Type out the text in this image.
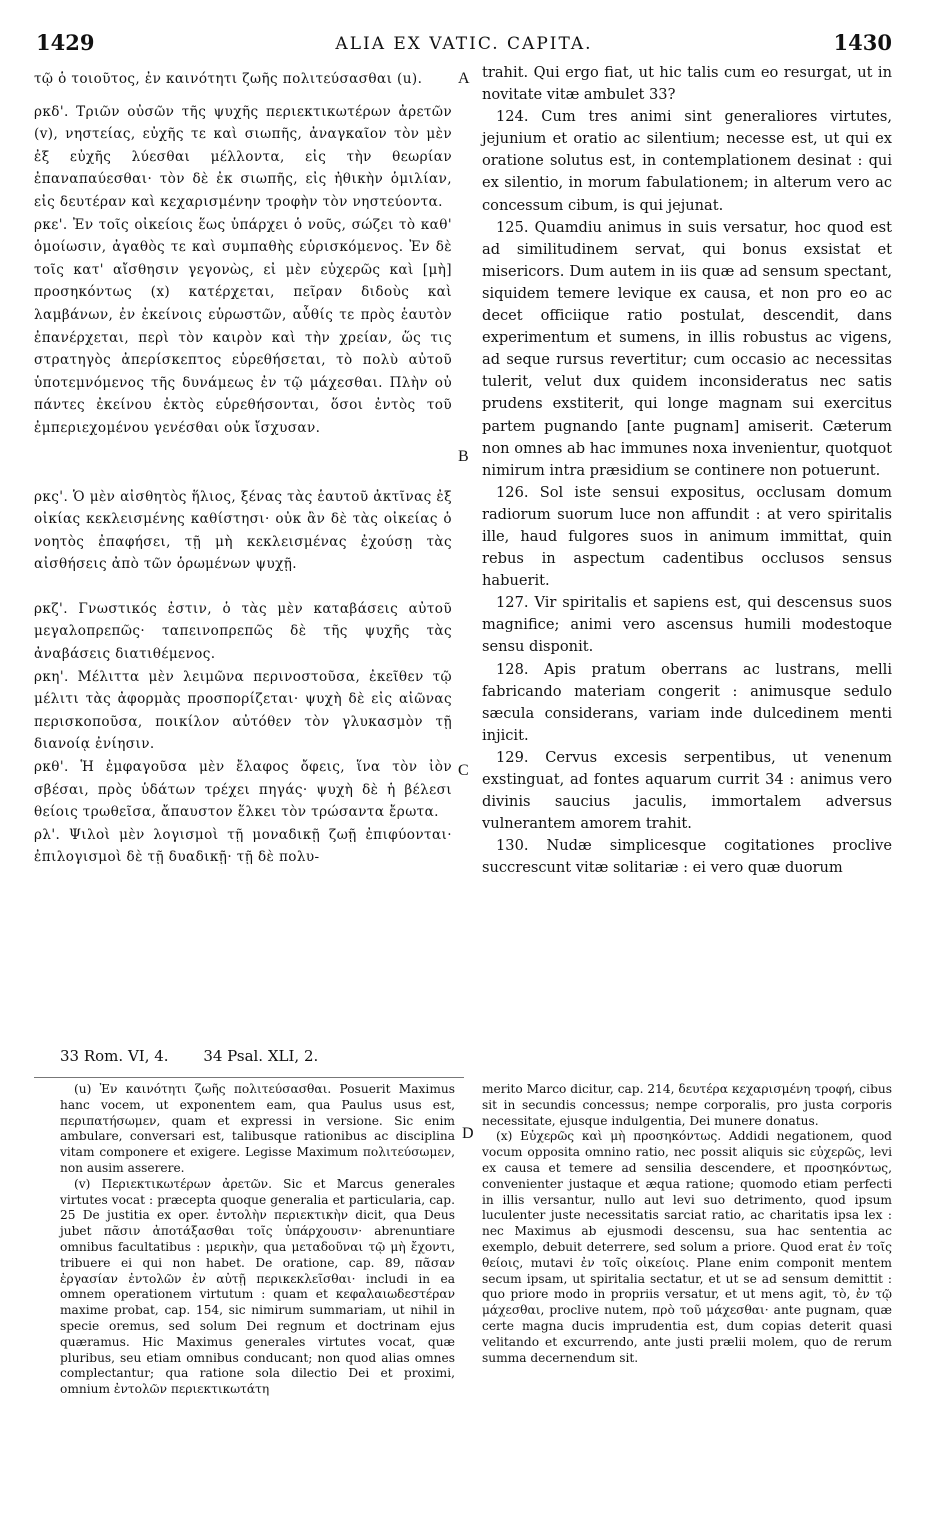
1429	ALIA EX VATIC. CAPITA.	1430

τῷ ὁ τοιοῦτος, ἐν καινότητι ζωῆς πολιτεύσασθαι (u).

ρκδ'. Τριῶν οὐσῶν τῆς ψυχῆς περιεκτικωτέρων ἀρετῶν (v), νηστείας, εὐχῆς τε καὶ σιωπῆς, ἀναγκαῖον τὸν μὲν ἐξ εὐχῆς λύεσθαι μέλλοντα, εἰς τὴν θεωρίαν ἐπαναπαύεσθαι· τὸν δὲ ἐκ σιωπῆς, εἰς ἠθικὴν ὁμιλίαν, εἰς δευτέραν καὶ κεχαρισμένην τροφὴν τὸν νηστεύοντα.

ρκε'. Ἐν τοῖς οἰκείοις ἕως ὑπάρχει ὁ νοῦς, σώζει τὸ καθ' ὁμοίωσιν, ἀγαθὸς τε καὶ συμπαθὴς εὑρισκόμενος. Ἐν δὲ τοῖς κατ' αἴσθησιν γεγονὼς, εἰ μὲν εὐχερῶς καὶ [μὴ] προσηκόντως (x) κατέρχεται, πεῖραν διδοὺς καὶ λαμβάνων, ἐν ἐκείνοις εὑρωστῶν, αὖθίς τε πρὸς ἑαυτὸν ἐπανέρχεται, περὶ τὸν καιρὸν καὶ τὴν χρείαν, ὥς τις στρατηγὸς ἀπερίσκεπτος εὑρεθήσεται, τὸ πολὺ αὐτοῦ ὑποτεμνόμενος τῆς δυνάμεως ἐν τῷ μάχεσθαι. Πλὴν οὐ πάντες ἐκείνου ἐκτὸς εὑρεθήσονται, ὅσοι ἐντὸς τοῦ ἐμπεριεχομένου γενέσθαι οὐκ ἴσχυσαν.

ρκς'. Ὁ μὲν αἰσθητὸς ἥλιος, ξένας τὰς ἑαυτοῦ ἀκτῖνας ἐξ οἰκίας κεκλεισμένης καθίστησι· οὐκ ἂν δὲ τὰς οἰκείας ὁ νοητὸς ἐπαφήσει, τῇ μὴ κεκλεισμένας ἐχούσῃ τὰς αἰσθήσεις ἀπὸ τῶν ὁρωμένων ψυχῇ.

ρκζ'. Γνωστικός ἐστιν, ὁ τὰς μὲν καταβάσεις αὐτοῦ μεγαλοπρεπῶς· ταπεινοπρεπῶς δὲ τῆς ψυχῆς τὰς ἀναβάσεις διατιθέμενος.

ρκη'. Μέλιττα μὲν λειμῶνα περινοστοῦσα, ἐκεῖθεν τῷ μέλιτι τὰς ἀφορμὰς προσπορίζεται· ψυχὴ δὲ εἰς αἰῶνας περισκοποῦσα, ποικίλον αὐτόθεν τὸν γλυκασμὸν τῇ διανοίᾳ ἐνίησιν.

ρκθ'. Ἡ ἐμφαγοῦσα μὲν ἔλαφος ὄφεις, ἵνα τὸν ἰὸν σβέσαι, πρὸς ὑδάτων τρέχει πηγάς· ψυχὴ δὲ ἡ βέλεσι θείοις τρωθεῖσα, ἄπαυστον ἕλκει τὸν τρώσαντα ἔρωτα.

ρλ'. Ψιλοὶ μὲν λογισμοὶ τῇ μοναδικῇ ζωῇ ἐπιφύονται· ἐπιλογισμοὶ δὲ τῇ δυαδικῇ· τῇ δὲ πολυ-

A
B
C
D

trahit. Qui ergo fiat, ut hic talis cum eo resurgat, ut in novitate vitæ ambulet 33?

124. Cum tres animi sint generaliores virtutes, jejunium et oratio ac silentium; necesse est, ut qui ex oratione solutus est, in contemplationem desinat : qui ex silentio, in morum fabulationem; in alterum vero ac concessum cibum, is qui jejunat.

125. Quamdiu animus in suis versatur, hoc quod est ad similitudinem servat, qui bonus exsistat et misericors. Dum autem in iis quæ ad sensum spectant, siquidem temere levique ex causa, et non pro eo ac decet officiique ratio postulat, descendit, dans experimentum et sumens, in illis robustus ac vigens, ad seque rursus revertitur; cum occasio ac necessitas tulerit, velut dux quidem inconsideratus nec satis prudens exstiterit, qui longe magnam sui exercitus partem pugnando [ante pugnam] amiserit. Cæterum non omnes ab hac immunes noxa invenientur, quotquot nimirum intra præsidium se continere non potuerunt.

126. Sol iste sensui expositus, occlusam domum radiorum suorum luce non affundit : at vero spiritalis ille, haud fulgores suos in animum immittat, quin rebus in aspectum cadentibus occlusos sensus habuerit.

127. Vir spiritalis et sapiens est, qui descensus suos magnifice; animi vero ascensus humili modestoque sensu disponit.

128. Apis pratum oberrans ac lustrans, melli fabricando materiam congerit : animusque sedulo sæcula considerans, variam inde dulcedinem menti injicit.

129. Cervus excesis serpentibus, ut venenum exstinguat, ad fontes aquarum currit 34 : animus vero divinis saucius jaculis, immortalem adversus vulnerantem amorem trahit.

130. Nudæ simplicesque cogitationes proclive succrescunt vitæ solitariæ : ei vero quæ duorum

33 Rom. VI, 4. 34 Psal. XLI, 2.

(u) Ἐν καινότητι ζωῆς πολιτεύσασθαι. Posuerit Maximus hanc vocem, ut exponentem eam, qua Paulus usus est, περιπατήσωμεν, quam et expressi in versione. Sic enim ambulare, conversari est, talibusque rationibus ac disciplina vitam componere et exigere. Legisse Maximum πολιτεύσωμεν, non ausim asserere.

(v) Περιεκτικωτέρων ἀρετῶν. Sic et Marcus generales virtutes vocat : præcepta quoque generalia et particularia, cap. 25 De justitia ex oper. ἐντολὴν περιεκτικὴν dicit, qua Deus jubet πᾶσιν ἀποτάξασθαι τοῖς ὑπάρχουσιν· abrenuntiare omnibus facultatibus : μερικὴν, qua μεταδοῦναι τῷ μὴ ἔχοντι, tribuere ei qui non habet. De oratione, cap. 89, πᾶσαν ἐργασίαν ἐντολῶν ἐν αὐτῇ περικεκλεῖσθαι· includi in ea omnem operationem virtutum : quam et κεφαλαιωδεστέραν maxime probat, cap. 154, sic nimirum summariam, ut nihil in specie oremus, sed solum Dei regnum et doctrinam ejus quæramus. Hic Maximus generales virtutes vocat, quæ pluribus, seu etiam omnibus conducant; non quod alias omnes complectantur; qua ratione sola dilectio Dei et proximi, omnium ἐντολῶν περιεκτικωτάτη

merito Marco dicitur, cap. 214, δευτέρα κεχαρισμένη τροφή, cibus sit in secundis concessus; nempe corporalis, pro justa corporis necessitate, ejusque indulgentia, Dei munere donatus.

(x) Εὐχερῶς καὶ μὴ προσηκόντως. Addidi negationem, quod vocum opposita omnino ratio, nec possit aliquis sic εὐχερῶς, levi ex causa et temere ad sensilia descendere, et προσηκόντως, convenienter justaque et æqua ratione; quomodo etiam perfecti in illis versantur, nullo aut levi suo detrimento, quod ipsum luculenter juste necessitatis sarciat ratio, ac charitatis ipsa lex : nec Maximus ab ejusmodi descensu, sua hac sententia ac exemplo, debuit deterrere, sed solum a priore. Quod erat ἐν τοῖς θείοις, mutavi ἐν τοῖς οἰκείοις. Plane enim componit mentem secum ipsam, ut spiritalia sectatur, et ut se ad sensum demittit : quo priore modo in propriis versatur, et ut mens agit, τὸ, ἐν τῷ μάχεσθαι, proclive nutem, πρὸ τοῦ μάχεσθαι· ante pugnam, quæ certe magna ducis imprudentia est, dum copias deterit quasi velitando et excurrendo, ante justi prælii molem, quo de rerum summa decernendum sit.
